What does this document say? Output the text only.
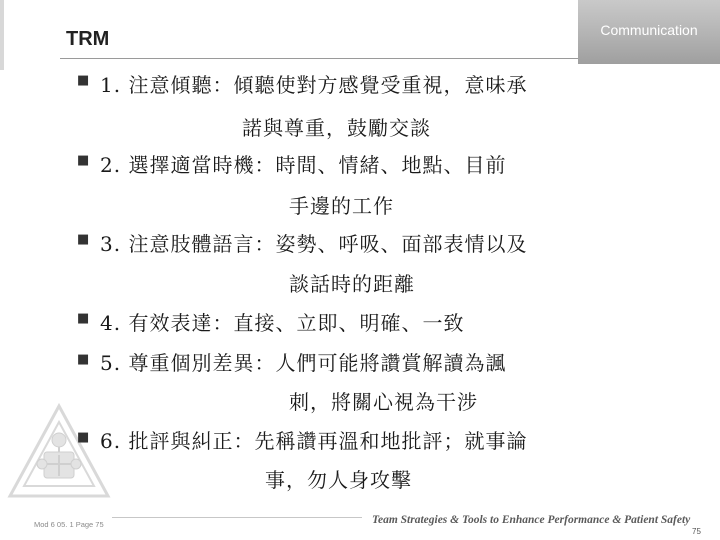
TRM	Communication
■
1. 注意傾聽：傾聽使對方感覺受重視，意味承
諾與尊重，鼓勵交談
■
2. 選擇適當時機：時間、情緒、地點、目前
手邊的工作
■
3. 注意肢體語言：姿勢、呼吸、面部表情以及
談話時的距離
■
4. 有效表達：直接、立即、明確、一致
■
5. 尊重個別差異：人們可能將讚賞解讀為諷
刺，將關心視為干涉
■
6. 批評與糾正：先稱讚再溫和地批評；就事論
事，勿人身攻擊
Mod 6 05. 1 Page 75	Team Strategies & Tools to Enhance Performance & Patient Safety
75
